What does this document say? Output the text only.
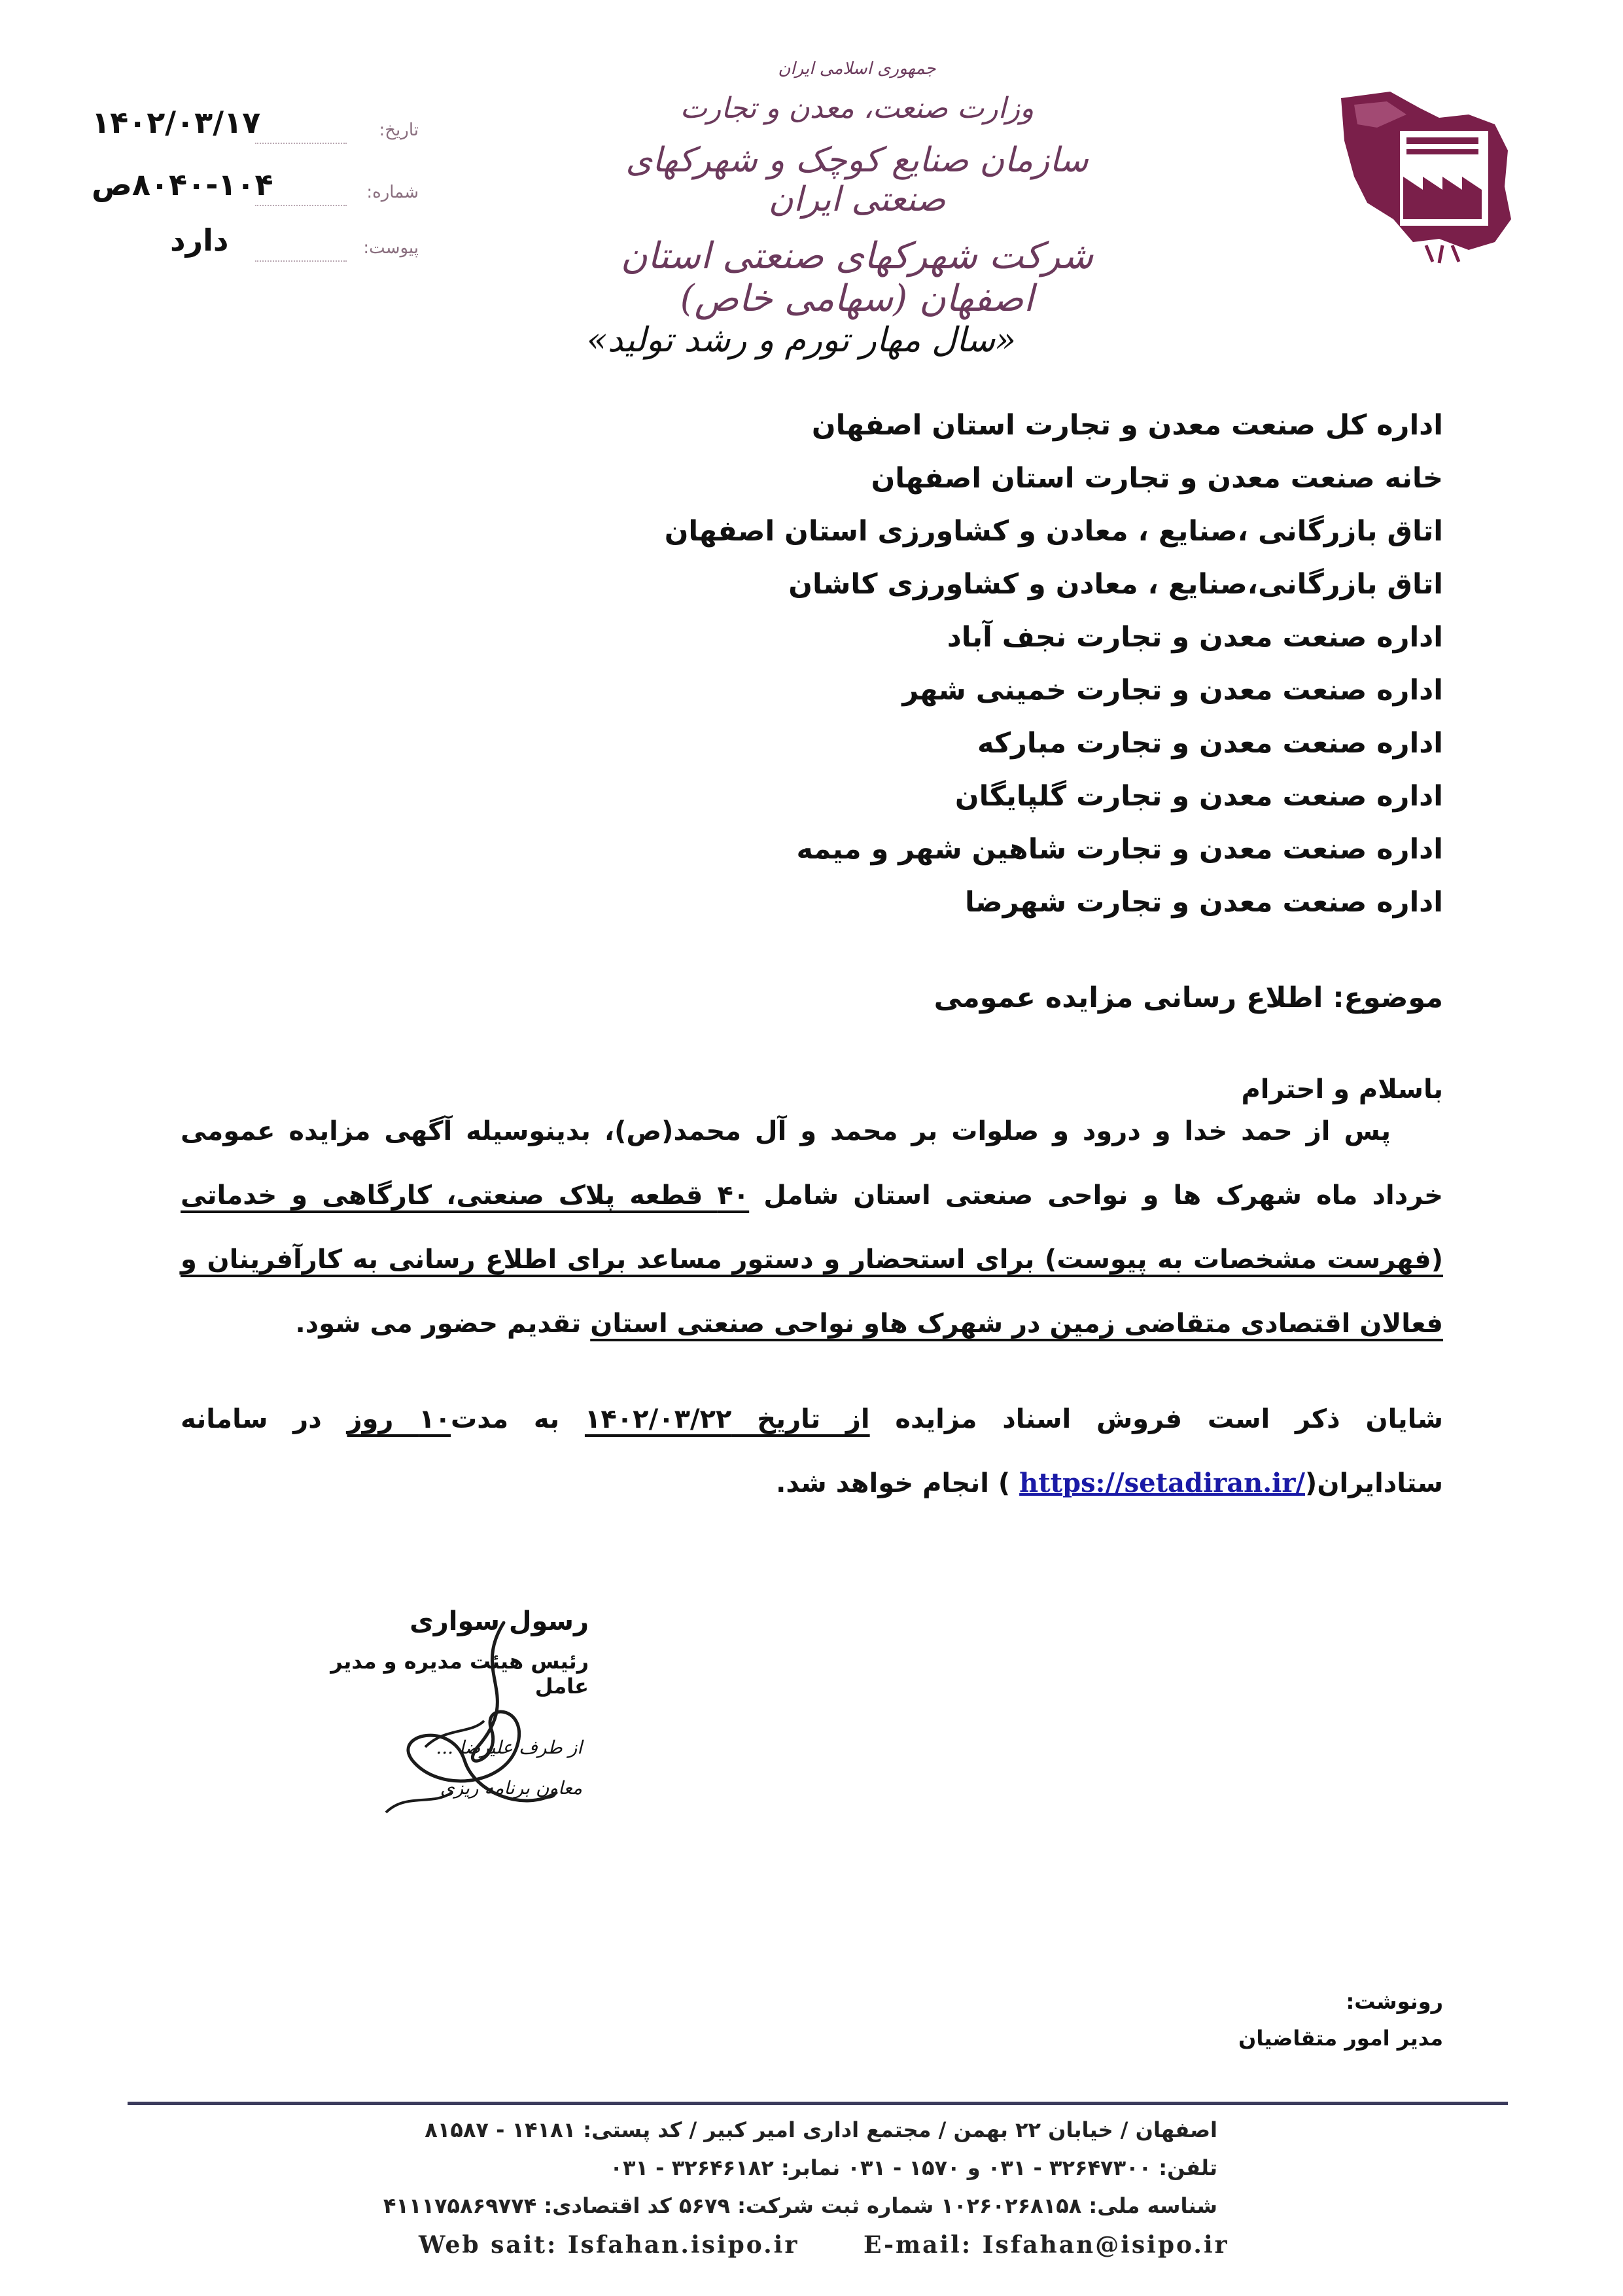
جمهوری اسلامی ایران
وزارت صنعت، معدن و تجارت
سازمان صنایع کوچک و شهرکهای صنعتی ایران
شرکت شهرکهای صنعتی استان اصفهان (سهامی خاص)
تاریخ:
۱۴۰۲/۰۳/۱۷
شماره:
۸۰۴۰-۱۰۴ص
پیوست:
دارد
«سال مهار تورم و رشد تولید»
اداره کل صنعت معدن و تجارت استان اصفهان
خانه صنعت معدن و تجارت استان اصفهان
اتاق بازرگانی ،صنایع ، معادن و کشاورزی استان اصفهان
اتاق بازرگانی،صنایع ، معادن و کشاورزی کاشان
اداره صنعت معدن و تجارت نجف آباد
اداره صنعت معدن و تجارت خمینی شهر
اداره صنعت معدن و تجارت مبارکه
اداره صنعت معدن و تجارت گلپایگان
اداره صنعت معدن و تجارت شاهین شهر و میمه
اداره صنعت معدن و تجارت شهرضا
موضوع: اطلاع رسانی مزایده عمومی
باسلام و احترام
پس از حمد خدا و درود و صلوات بر محمد و آل محمد(ص)، بدینوسیله آگهی مزایده عمومی خرداد ماه شهرک ها و نواحی صنعتی استان شامل ۴۰ قطعه پلاک صنعتی، کارگاهی و خدماتی (فهرست مشخصات به پیوست) برای استحضار و دستور مساعد برای اطلاع رسانی به کارآفرینان و فعالان اقتصادی متقاضی زمین در شهرک هاو نواحی صنعتی استان تقدیم حضور می شود.
شایان ذکر است فروش اسناد مزایده از تاریخ ۱۴۰۲/۰۳/۲۲ به مدت۱۰ روز در سامانه ستادایران(https://setadiran.ir/ ) انجام خواهد شد.
رسول سواری
رئیس هیئت مدیره و مدیر عامل
از طرف علیرضا ...
معاون برنامه ریزی
رونوشت:
مدیر امور متقاضیان
اصفهان / خیابان ۲۲ بهمن / مجتمع اداری امیر کبیر / کد پستی: ۱۴۱۸۱ - ۸۱۵۸۷
تلفن: ۳۲۶۴۷۳۰۰ - ۰۳۱ و ۱۵۷۰ - ۰۳۱ نمابر: ۳۲۶۴۶۱۸۲ - ۰۳۱
شناسه ملی: ۱۰۲۶۰۲۶۸۱۵۸ شماره ثبت شرکت: ۵۶۷۹ کد اقتصادی: ۴۱۱۱۷۵۸۶۹۷۷۴
E-mail: Isfahan@isipo.ir
Web sait: Isfahan.isipo.ir
